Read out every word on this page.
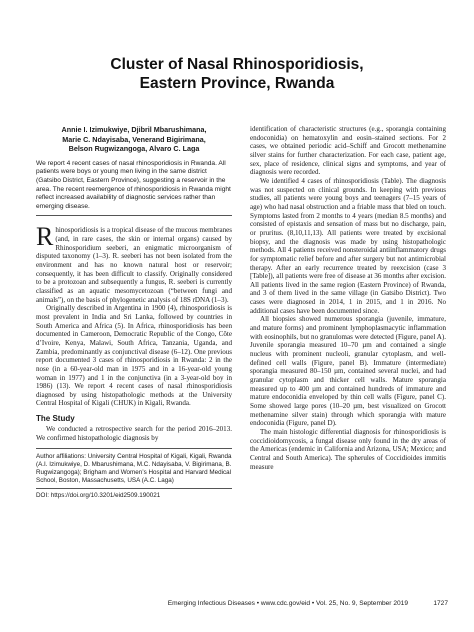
Cluster of Nasal Rhinosporidiosis,
Eastern Province, Rwanda
Annie I. Izimukwiye, Djibril Mbarushimana,
Marie C. Ndayisaba, Venerand Bigirimana,
Belson Rugwizangoga, Alvaro C. Laga
We report 4 recent cases of nasal rhinosporidiosis in Rwanda. All patients were boys or young men living in the same district (Gatsibo District, Eastern Province), suggesting a reservoir in the area. The recent reemergence of rhinosporidiosis in Rwanda might reflect increased availability of diagnostic services rather than emerging disease.

Rhinosporidiosis is a tropical disease of the mucous membranes (and, in rare cases, the skin or internal organs) caused by Rhinosporidium seeberi, an enigmatic microorganism of disputed taxonomy (1–3). R. seeberi has not been isolated from the environment and has no known natural host or reservoir; consequently, it has been difficult to classify. Originally considered to be a protozoan and subsequently a fungus, R. seeberi is currently classified as an aquatic mesomycetozoan (“between fungi and animals”), on the basis of phylogenetic analysis of 18S rDNA (1–3).

Originally described in Argentina in 1900 (4), rhinosporidiosis is most prevalent in India and Sri Lanka, followed by countries in South America and Africa (5). In Africa, rhinosporidiosis has been documented in Cameroon, Democratic Republic of the Congo, Côte d’Ivoire, Kenya, Malawi, South Africa, Tanzania, Uganda, and Zambia, predominantly as conjunctival disease (6–12). One previous report documented 3 cases of rhinosporidiosis in Rwanda: 2 in the nose (in a 60-year-old man in 1975 and in a 16-year-old young woman in 1977) and 1 in the conjunctiva (in a 3-year-old boy in 1986) (13). We report 4 recent cases of nasal rhinosporidiosis diagnosed by using histopathologic methods at the University Central Hospital of Kigali (CHUK) in Kigali, Rwanda.

The Study

We conducted a retrospective search for the period 2016–2013. We confirmed histopathologic diagnosis by

Author affiliations: University Central Hospital of Kigali, Kigali, Rwanda (A.I. Izimukwiye, D. Mbarushimana, M.C. Ndayisaba, V. Bigirimana, B. Rugwizangoga); Brigham and Women’s Hospital and Harvard Medical School, Boston, Massachusetts, USA (A.C. Laga)
DOI: https://doi.org/10.3201/eid2509.190021

identification of characteristic structures (e.g., sporangia containing endoconidia) on hematoxylin and eosin–stained sections. For 2 cases, we obtained periodic acid–Schiff and Grocott methenamine silver stains for further characterization. For each case, patient age, sex, place of residence, clinical signs and symptoms, and year of diagnosis were recorded.

We identified 4 cases of rhinosporidiosis (Table). The diagnosis was not suspected on clinical grounds. In keeping with previous studies, all patients were young boys and teenagers (7–15 years of age) who had nasal obstruction and a friable mass that bled on touch. Symptoms lasted from 2 months to 4 years (median 8.5 months) and consisted of epistaxis and sensation of mass but no discharge, pain, or pruritus. (8,10,11,13). All patients were treated by excisional biopsy, and the diagnosis was made by using histopathologic methods. All 4 patients received nonsteroidal antiinflammatory drugs for symptomatic relief before and after surgery but not antimicrobial therapy. After an early recurrence treated by reexcision (case 3 [Table]), all patients were free of disease at 36 months after excision. All patients lived in the same region (Eastern Province) of Rwanda, and 3 of them lived in the same village (in Gatsibo District). Two cases were diagnosed in 2014, 1 in 2015, and 1 in 2016. No additional cases have been documented since.

All biopsies showed numerous sporangia (juvenile, immature, and mature forms) and prominent lymphoplasmacytic inflammation with eosinophils, but no granulomas were detected (Figure, panel A). Juvenile sporangia measured 10–70 µm and contained a single nucleus with prominent nucleoli, granular cytoplasm, and well-defined cell walls (Figure, panel B). Immature (intermediate) sporangia measured 80–150 µm, contained several nuclei, and had granular cytoplasm and thicker cell walls. Mature sporangia measured up to 400 µm and contained hundreds of immature and mature endoconidia enveloped by thin cell walls (Figure, panel C). Some showed large pores (10–20 µm, best visualized on Grocott methenamine silver stain) through which sporangia with mature endoconidia (Figure, panel D).

The main histologic differential diagnosis for rhinosporidiosis is coccidioidomycosis, a fungal disease only found in the dry areas of the Americas (endemic in California and Arizona, USA; Mexico; and Central and South America). The spherules of Coccidioides immitis measure

Emerging Infectious Diseases • www.cdc.gov/eid • Vol. 25, No. 9, September 2019	1727
